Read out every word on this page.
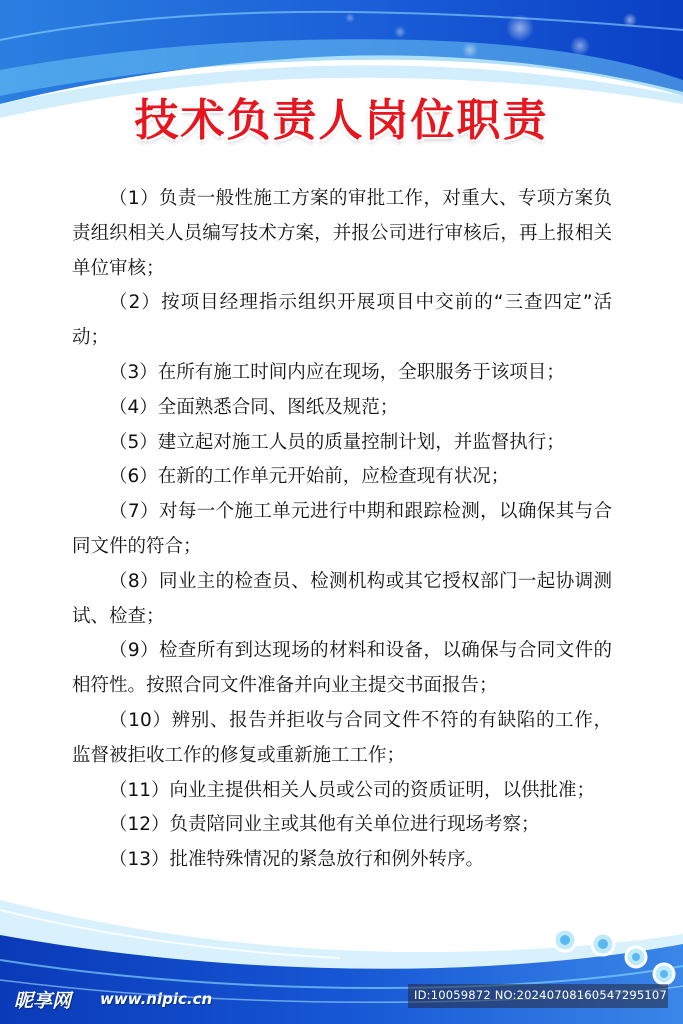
技术负责人岗位职责

（1）负责一般性施工方案的审批工作，对重大、专项方案负责组织相关人员编写技术方案，并报公司进行审核后，再上报相关单位审核；

（2）按项目经理指示组织开展项目中交前的“三查四定”活动；

（3）在所有施工时间内应在现场，全职服务于该项目；

（4）全面熟悉合同、图纸及规范；

（5）建立起对施工人员的质量控制计划，并监督执行；

（6）在新的工作单元开始前，应检查现有状况；

（7）对每一个施工单元进行中期和跟踪检测，以确保其与合同文件的符合；

（8）同业主的检查员、检测机构或其它授权部门一起协调测试、检查；

（9）检查所有到达现场的材料和设备，以确保与合同文件的相符性。按照合同文件准备并向业主提交书面报告；

（10）辨别、报告并拒收与合同文件不符的有缺陷的工作，监督被拒收工作的修复或重新施工工作；

（11）向业主提供相关人员或公司的资质证明，以供批准；

（12）负责陪同业主或其他有关单位进行现场考察；

（13）批准特殊情况的紧急放行和例外转序。

昵享网 www.nipic.cn	ID:10059872 NO:20240708160547295107
